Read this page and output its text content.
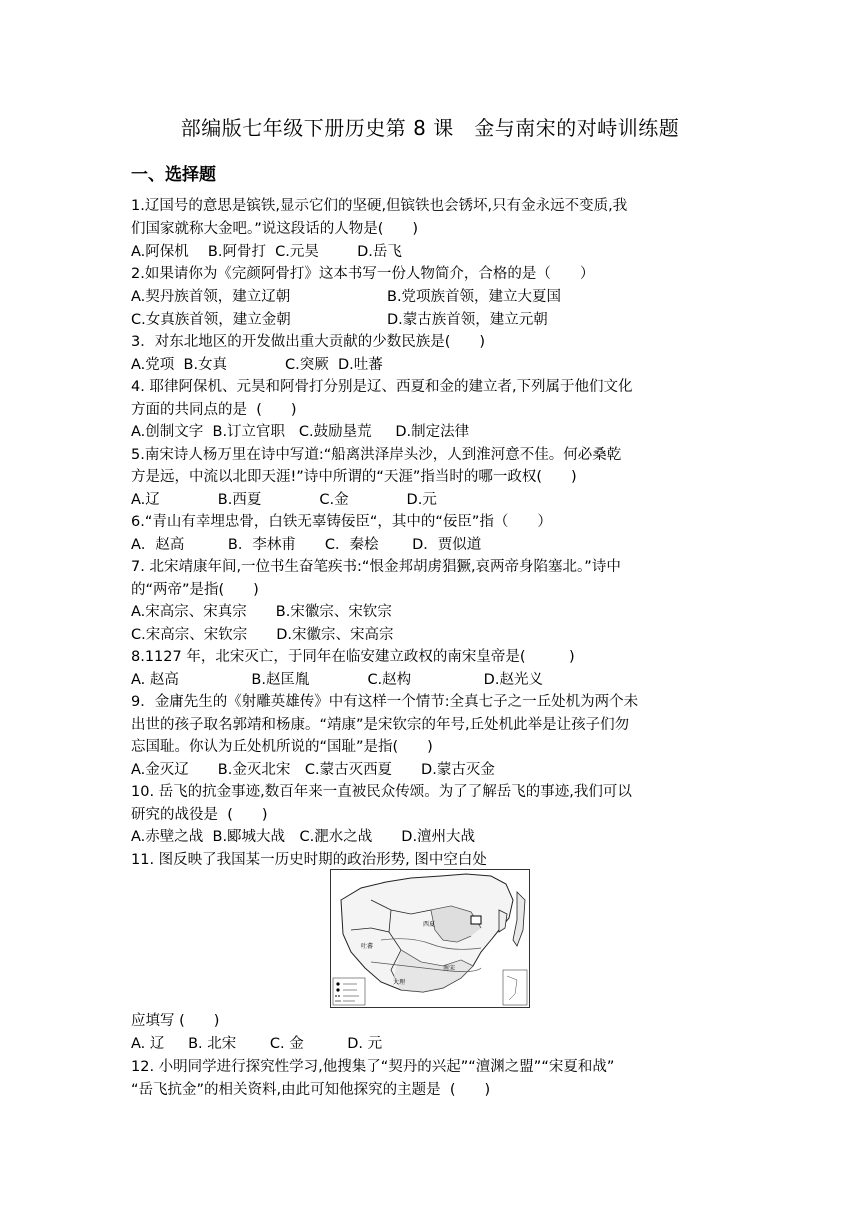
部编版七年级下册历史第 8 课　金与南宋的对峙训练题
一、选择题
1.辽国号的意思是镔铁,显示它们的坚硬,但镔铁也会锈坏,只有金永远不变质,我
们国家就称大金吧。”说这段话的人物是(　　)
A.阿保机　 B.阿骨打  C.元昊　　  D.岳飞
2.如果请你为《完颜阿骨打》这本书写一份人物简介，合格的是（　　）
A.契丹族首领，建立辽朝	B.党项族首领，建立大夏国
C.女真族首领，建立金朝	D.蒙古族首领，建立元朝
3．对东北地区的开发做出重大贡献的少数民族是(　　)
A.党项  B.女真　　　　C.突厥  D.吐蕃
4. 耶律阿保机、元昊和阿骨打分别是辽、西夏和金的建立者,下列属于他们文化
方面的共同点的是  (　　)
A.创制文字  B.订立官职   C.鼓励垦荒　  D.制定法律
5.南宋诗人杨万里在诗中写道:“船离洪泽岸头沙，人到淮河意不佳。何必桑乾
方是远，中流以北即天涯!”诗中所谓的“天涯”指当时的哪一政权(　　)
A.辽　　　　B.西夏　　　　C.金　　　　D.元
6.“青山有幸埋忠骨，白铁无辜铸佞臣“，其中的“佞臣”指（　　）
A．赵高　　　B．李林甫　　C．秦桧　　 D．贾似道
7. 北宋靖康年间,一位书生奋笔疾书:“恨金邦胡虏猖獗,哀两帝身陷塞北。”诗中
的“两帝”是指(　　)
A.宋高宗、宋真宗　　B.宋徽宗、宋钦宗
C.宋高宗、宋钦宗　　D.宋徽宗、宋高宗
8.1127 年，北宋灭亡，于同年在临安建立政权的南宋皇帝是(　　　)
A. 赵高　　　　　B.赵匡胤　　　　C.赵构　　　　　D.赵光义
9．金庸先生的《射雕英雄传》中有这样一个情节:全真七子之一丘处机为两个未
出世的孩子取名郭靖和杨康。“靖康”是宋钦宗的年号,丘处机此举是让孩子们勿
忘国耻。你认为丘处机所说的“国耻”是指(　　)
A.金灭辽　　B.金灭北宋　C.蒙古灭西夏　　D.蒙古灭金
10. 岳飞的抗金事迹,数百年来一直被民众传颂。为了了解岳飞的事迹,我们可以
研究的战役是  (　　)
A.赤壁之战  B.郾城大战　C.淝水之战　　D.澶州大战
11. 图反映了我国某一历史时期的政治形势, 图中空白处
西夏
南宋
大理
吐蕃
应填写 (　　)
A. 辽　  B. 北宋　　 C. 金　　　D. 元
12. 小明同学进行探究性学习,他搜集了“契丹的兴起”“澶渊之盟”“宋夏和战”
“岳飞抗金”的相关资料,由此可知他探究的主题是  (　　)
